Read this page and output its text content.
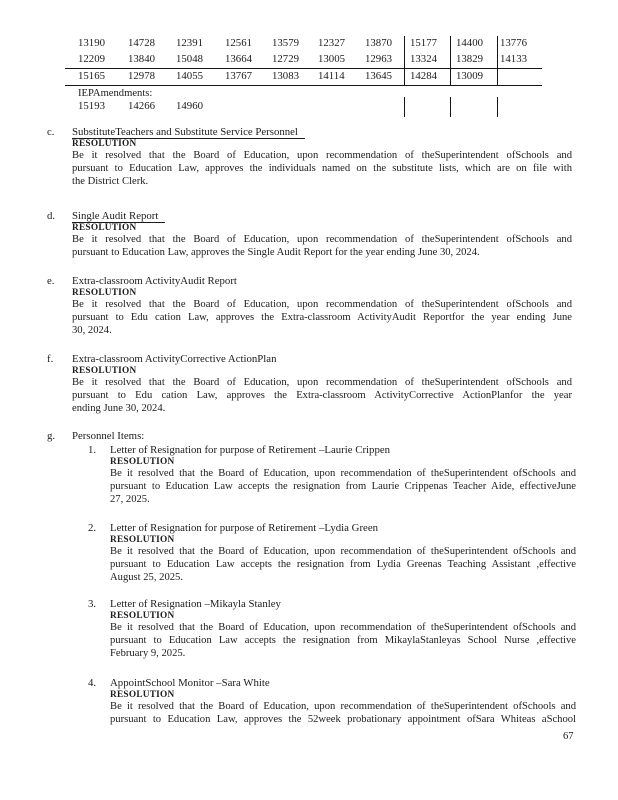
13190 14728 12391 12561 13579 12327 13870 15177 14400 13776
12209 13840 15048 13664 12729 13005 12963 13324 13829 14133
15165 12978 14055 13767 13083 14114 13645 14284 13009
IEPAmendments:
15193 14266 14960
c. SubstituteTeachers and Substitute Service Personnel
RESOLUTION
Be it resolved that the Board of Education, upon recommendation of theSuperintendent ofSchools and
pursuant to Education Law, approves the individuals named on the substitute lists, which are on file with
the District Clerk.
d. Single Audit Report
RESOLUTION
Be it resolved that the Board of Education, upon recommendation of theSuperintendent ofSchools and
pursuant to Education Law, approves the Single Audit Report for the year ending June 30, 2024.
e. Extra-classroom ActivityAudit Report
RESOLUTION
Be it resolved that the Board of Education, upon recommendation of theSuperintendent ofSchools and
pursuant to Edu cation Law, approves the Extra-classroom ActivityAudit Reportfor the year ending June
30, 2024.
f. Extra-classroom ActivityCorrective ActionPlan
RESOLUTION
Be it resolved that the Board of Education, upon recommendation of theSuperintendent ofSchools and
pursuant to Edu cation Law, approves the Extra-classroom ActivityCorrective ActionPlanfor the year
ending June 30, 2024.
g. Personnel Items:
1. Letter of Resignation for purpose of Retirement –Laurie Crippen
RESOLUTION
Be it resolved that the Board of Education, upon recommendation of theSuperintendent ofSchools and
pursuant to Education Law accepts the resignation from Laurie Crippenas Teacher Aide, effectiveJune
27, 2025.
2. Letter of Resignation for purpose of Retirement –Lydia Green
RESOLUTION
Be it resolved that the Board of Education, upon recommendation of theSuperintendent ofSchools and
pursuant to Education Law accepts the resignation from Lydia Greenas Teaching Assistant ,effective
August 25, 2025.
3. Letter of Resignation –Mikayla Stanley
RESOLUTION
Be it resolved that the Board of Education, upon recommendation of theSuperintendent ofSchools and
pursuant to Education Law accepts the resignation from MikaylaStanleyas School Nurse ,effective
February 9, 2025.
4. AppointSchool Monitor –Sara White
RESOLUTION
Be it resolved that the Board of Education, upon recommendation of theSuperintendent ofSchools and
pursuant to Education Law, approves the 52week probationary appointment ofSara Whiteas aSchool
67
